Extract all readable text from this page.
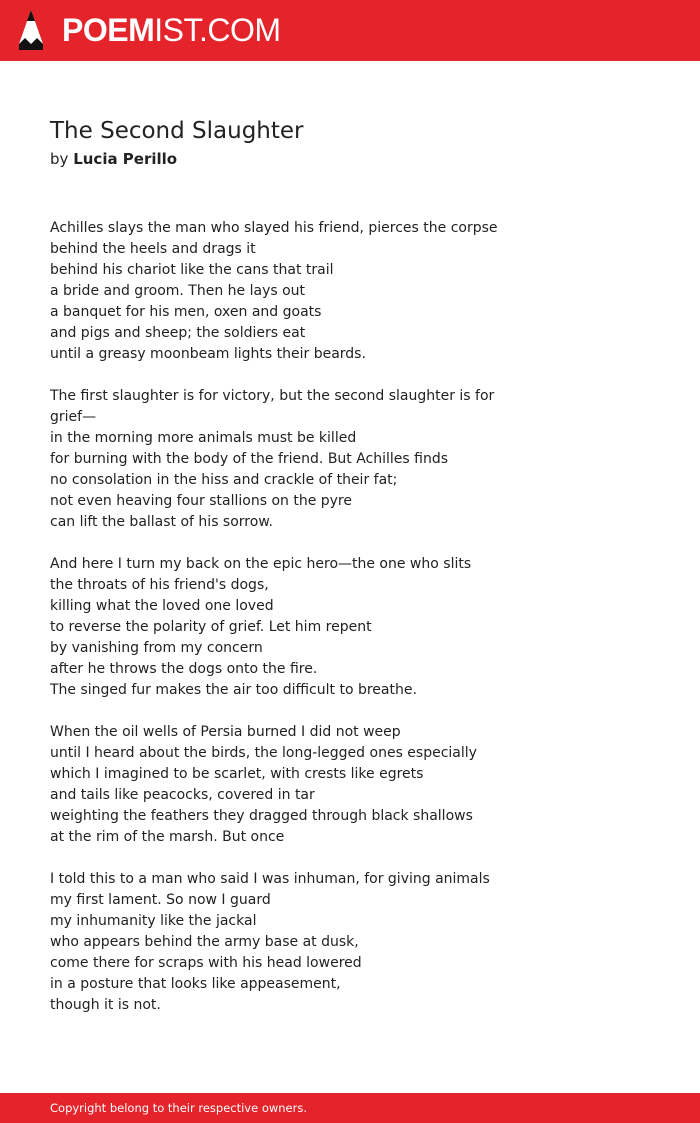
POEMIST.COM
The Second Slaughter
by Lucia Perillo
Achilles slays the man who slayed his friend, pierces the corpse
behind the heels and drags it
behind his chariot like the cans that trail
a bride and groom. Then he lays out
a banquet for his men, oxen and goats
and pigs and sheep; the soldiers eat
until a greasy moonbeam lights their beards.
The first slaughter is for victory, but the second slaughter is for
grief—
in the morning more animals must be killed
for burning with the body of the friend. But Achilles finds
no consolation in the hiss and crackle of their fat;
not even heaving four stallions on the pyre
can lift the ballast of his sorrow.
And here I turn my back on the epic hero—the one who slits
the throats of his friend's dogs,
killing what the loved one loved
to reverse the polarity of grief. Let him repent
by vanishing from my concern
after he throws the dogs onto the fire.
The singed fur makes the air too difficult to breathe.
When the oil wells of Persia burned I did not weep
until I heard about the birds, the long-legged ones especially
which I imagined to be scarlet, with crests like egrets
and tails like peacocks, covered in tar
weighting the feathers they dragged through black shallows
at the rim of the marsh. But once
I told this to a man who said I was inhuman, for giving animals
my first lament. So now I guard
my inhumanity like the jackal
who appears behind the army base at dusk,
come there for scraps with his head lowered
in a posture that looks like appeasement,
though it is not.
Copyright belong to their respective owners.
